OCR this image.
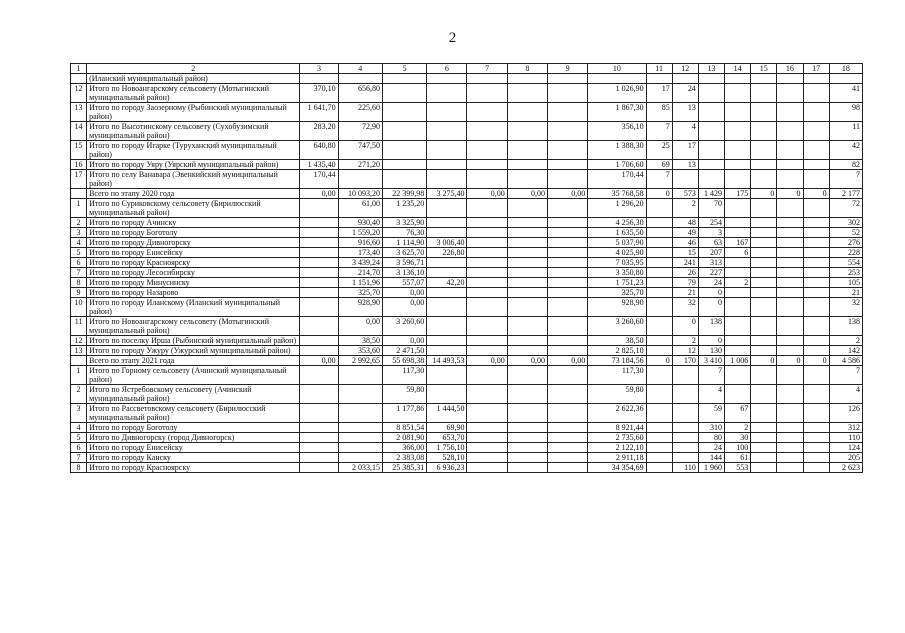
2
1	2	3	4	5	6	7	8	9	10	11	12	13	14	15	16	17	18
	(Иланский муниципальный район)																
12	Итого по Новоангарскому сельсовету (Мотыгинский муниципальный район)	370,10	656,80						1 026,90	17	24						41
13	Итого по городу Заозерному (Рыбинский муниципальный район)	1 641,70	225,60						1 867,30	85	13						98
14	Итого по Высотинскому сельсовету (Сухобузимский муниципальный район)	283,20	72,90						356,10	7	4						11
15	Итого по городу Игарке (Туруханский муниципальный район)	640,80	747,50						1 388,30	25	17						42
16	Итого по городу Уяру (Уярский муниципальный район)	1 435,40	271,20						1 706,60	69	13						82
17	Итого по селу Ванавара (Эвенкийский муниципальный район)	170,44							170,44	7							7
	Всего по этапу 2020 года	0,00	10 093,20	22 399,98	3 275,40	0,00	0,00	0,00	35 768,58	0	573	1 429	175	0	0	0	2 177
1	Итого по Суриковскому сельсовету (Бирилюсский муниципальный район)		61,00	1 235,20					1 296,20		2	70					72
2	Итого по городу Ачинску		930,40	3 325,90					4 256,30		48	254					302
3	Итого по городу Боготолу		1 559,20	76,30					1 635,50		49	3					52
4	Итого по городу Дивногорску		916,60	1 114,90	3 006,40				5 037,90		46	63	167				276
5	Итого по городу Енисейску		173,40	3 625,70	226,80				4 025,90		15	207	6				228
6	Итого по городу Красноярску		3 439,24	3 596,71					7 035,95		241	313					554
7	Итого по городу Лесосибирску		214,70	3 136,10					3 350,80		26	227					253
8	Итого по городу Минусинску		1 151,96	557,07	42,20				1 751,23		79	24	2				105
9	Итого по городу Назарово		325,70	0,00					325,70		21	0					21
10	Итого по городу Иланскому (Иланский муниципальный район)		928,90	0,00					928,90		32	0					32
11	Итого по Новоангарскому сельсовету (Мотыгинский муниципальный район)		0,00	3 260,60					3 260,60		0	138					138
12	Итого по поселку Ирша (Рыбинский муниципальный район)		38,50	0,00					38,50		2	0					2
13	Итого по городу Ужуру (Ужурский муниципальный район)		353,60	2 471,50					2 825,10		12	130					142
	Всего по этапу 2021 года	0,00	2 992,65	55 698,38	14 493,53	0,00	0,00	0,00	73 184,56	0	170	3 410	1 006	0	0	0	4 586
1	Итого по Горному сельсовету (Ачинский муниципальный район)			117,30					117,30			7					7
2	Итого по Ястребовскому сельсовету (Ачинский муниципальный район)			59,80					59,80			4					4
3	Итого по Рассветовскому сельсовету (Бирилюсский муниципальный район)			1 177,86	1 444,50				2 622,36			59	67				126
4	Итого по городу Боготолу			8 851,54	69,90				8 921,44			310	2				312
5	Итого по Дивногорску (город Дивногорск)			2 081,90	653,70				2 735,60			80	30				110
6	Итого по городу Енисейску			366,00	1 756,10				2 122,10			24	100				124
7	Итого по городу Канску			2 383,08	528,10				2 911,18			144	61				205
8	Итого по городу Красноярску		2 033,15	25 385,31	6 936,23				34 354,69		110	1 960	553				2 623
